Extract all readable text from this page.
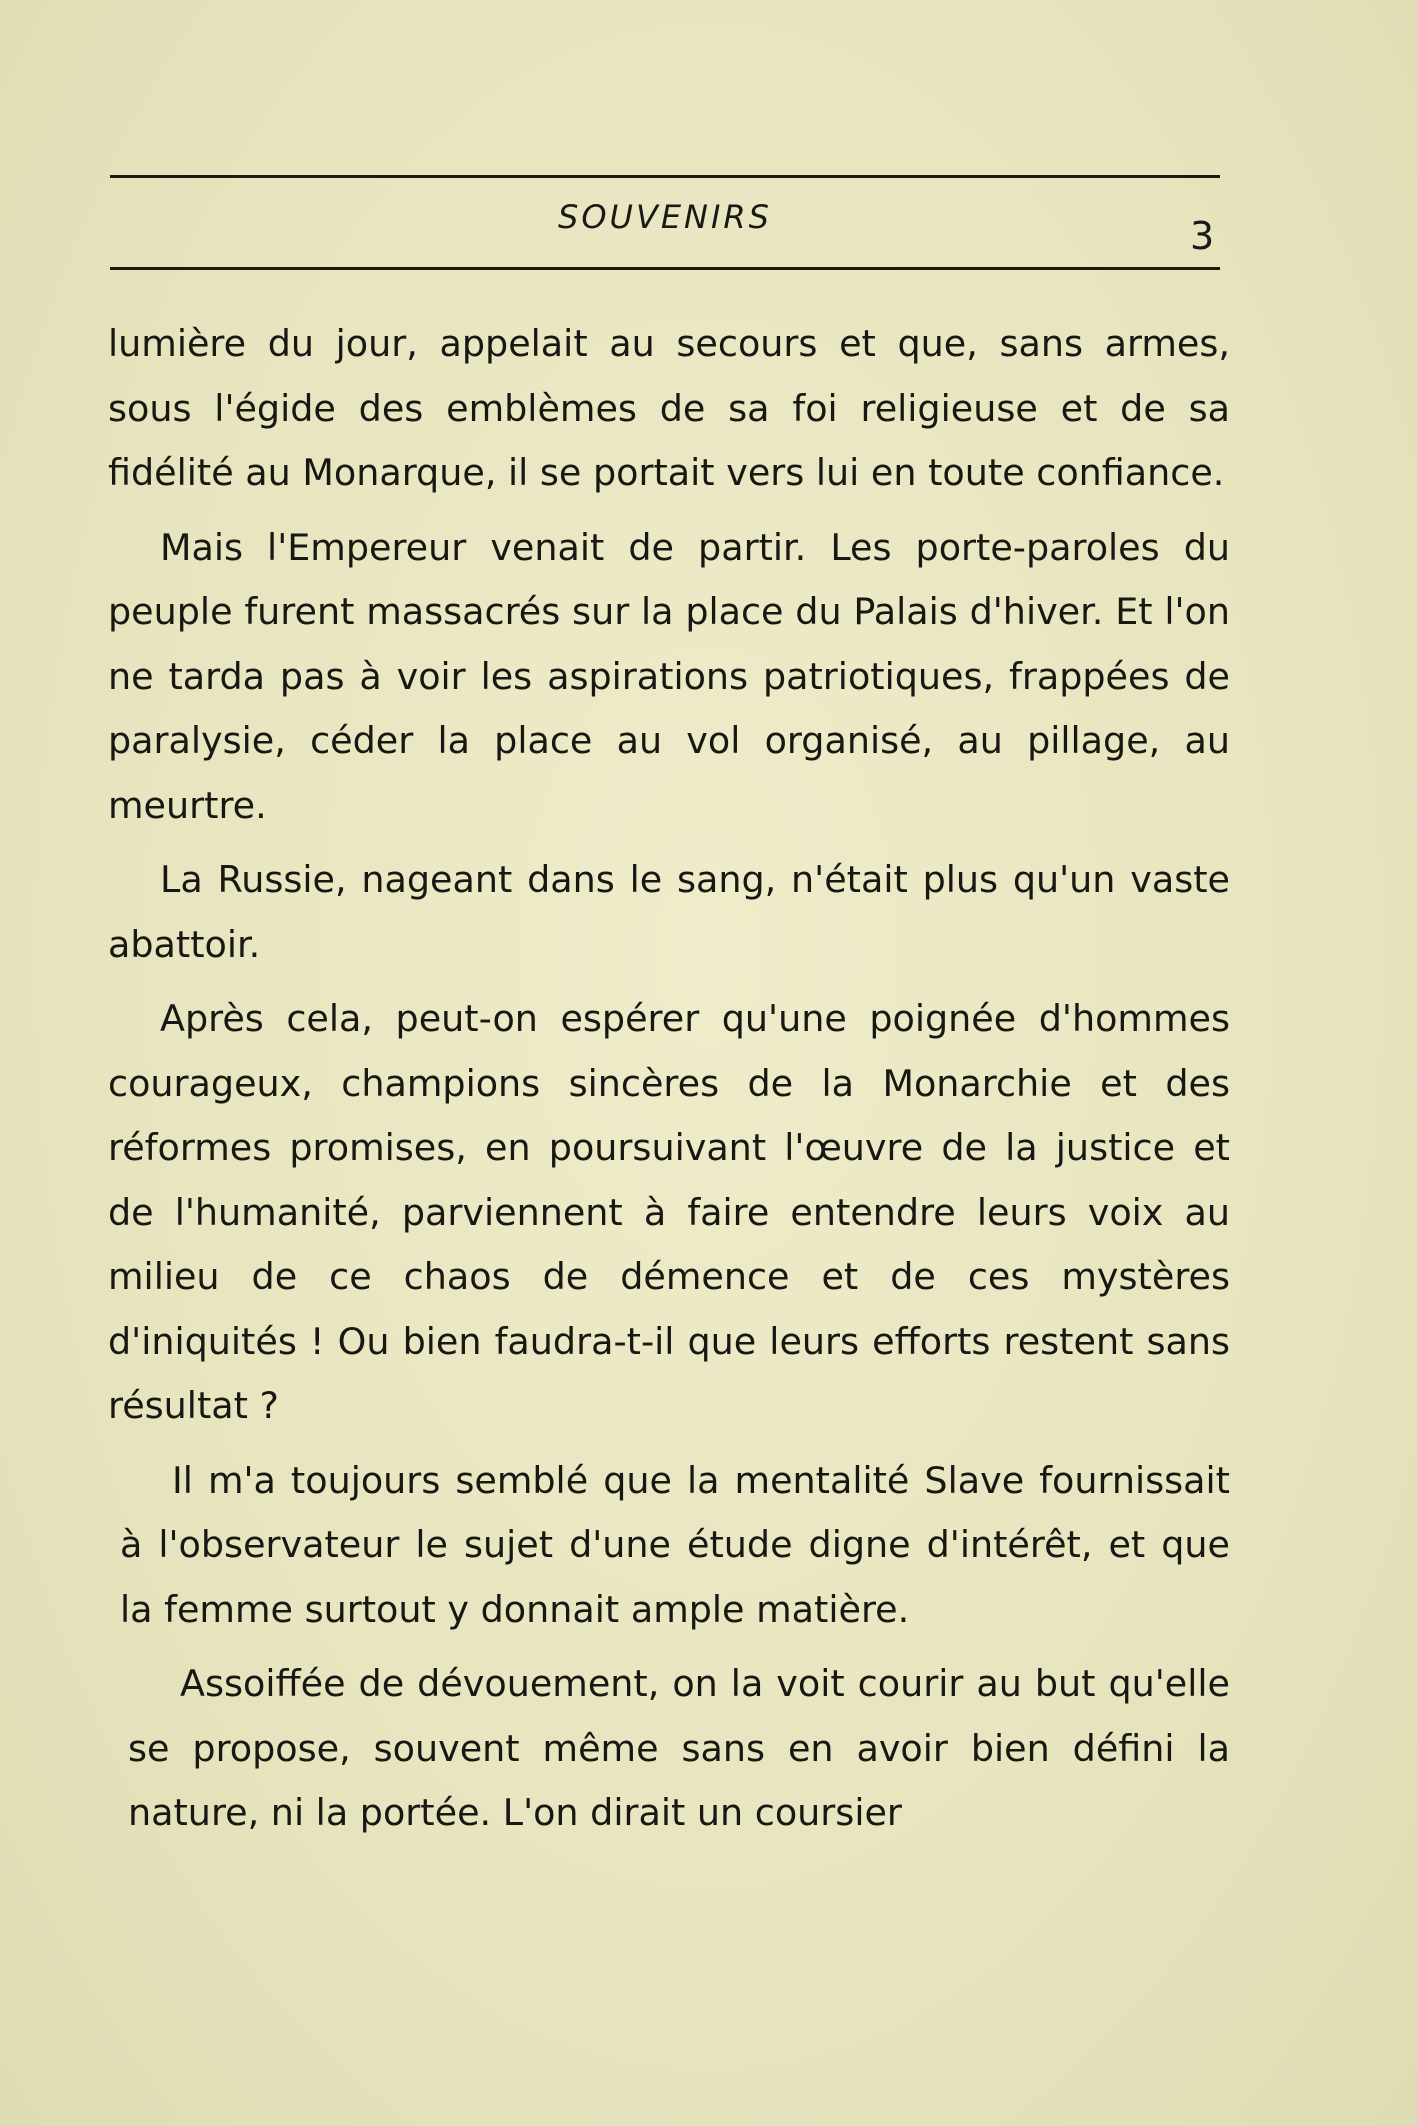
SOUVENIRS	3

lumière du jour, appelait au secours et que, sans armes, sous l'égide des emblèmes de sa foi religieuse et de sa fidélité au Monarque, il se portait vers lui en toute confiance.

Mais l'Empereur venait de partir. Les porte-paroles du peuple furent massacrés sur la place du Palais d'hiver. Et l'on ne tarda pas à voir les aspirations patriotiques, frappées de paralysie, céder la place au vol organisé, au pillage, au meurtre.

La Russie, nageant dans le sang, n'était plus qu'un vaste abattoir.

Après cela, peut-on espérer qu'une poignée d'hommes courageux, champions sincères de la Monarchie et des réformes promises, en poursuivant l'œuvre de la justice et de l'humanité, parviennent à faire entendre leurs voix au milieu de ce chaos de démence et de ces mystères d'iniquités ! Ou bien faudra-t-il que leurs efforts restent sans résultat ?

Il m'a toujours semblé que la mentalité Slave fournissait à l'observateur le sujet d'une étude digne d'intérêt, et que la femme surtout y donnait ample matière.

Assoiffée de dévouement, on la voit courir au but qu'elle se propose, souvent même sans en avoir bien défini la nature, ni la portée. L'on dirait un coursier
